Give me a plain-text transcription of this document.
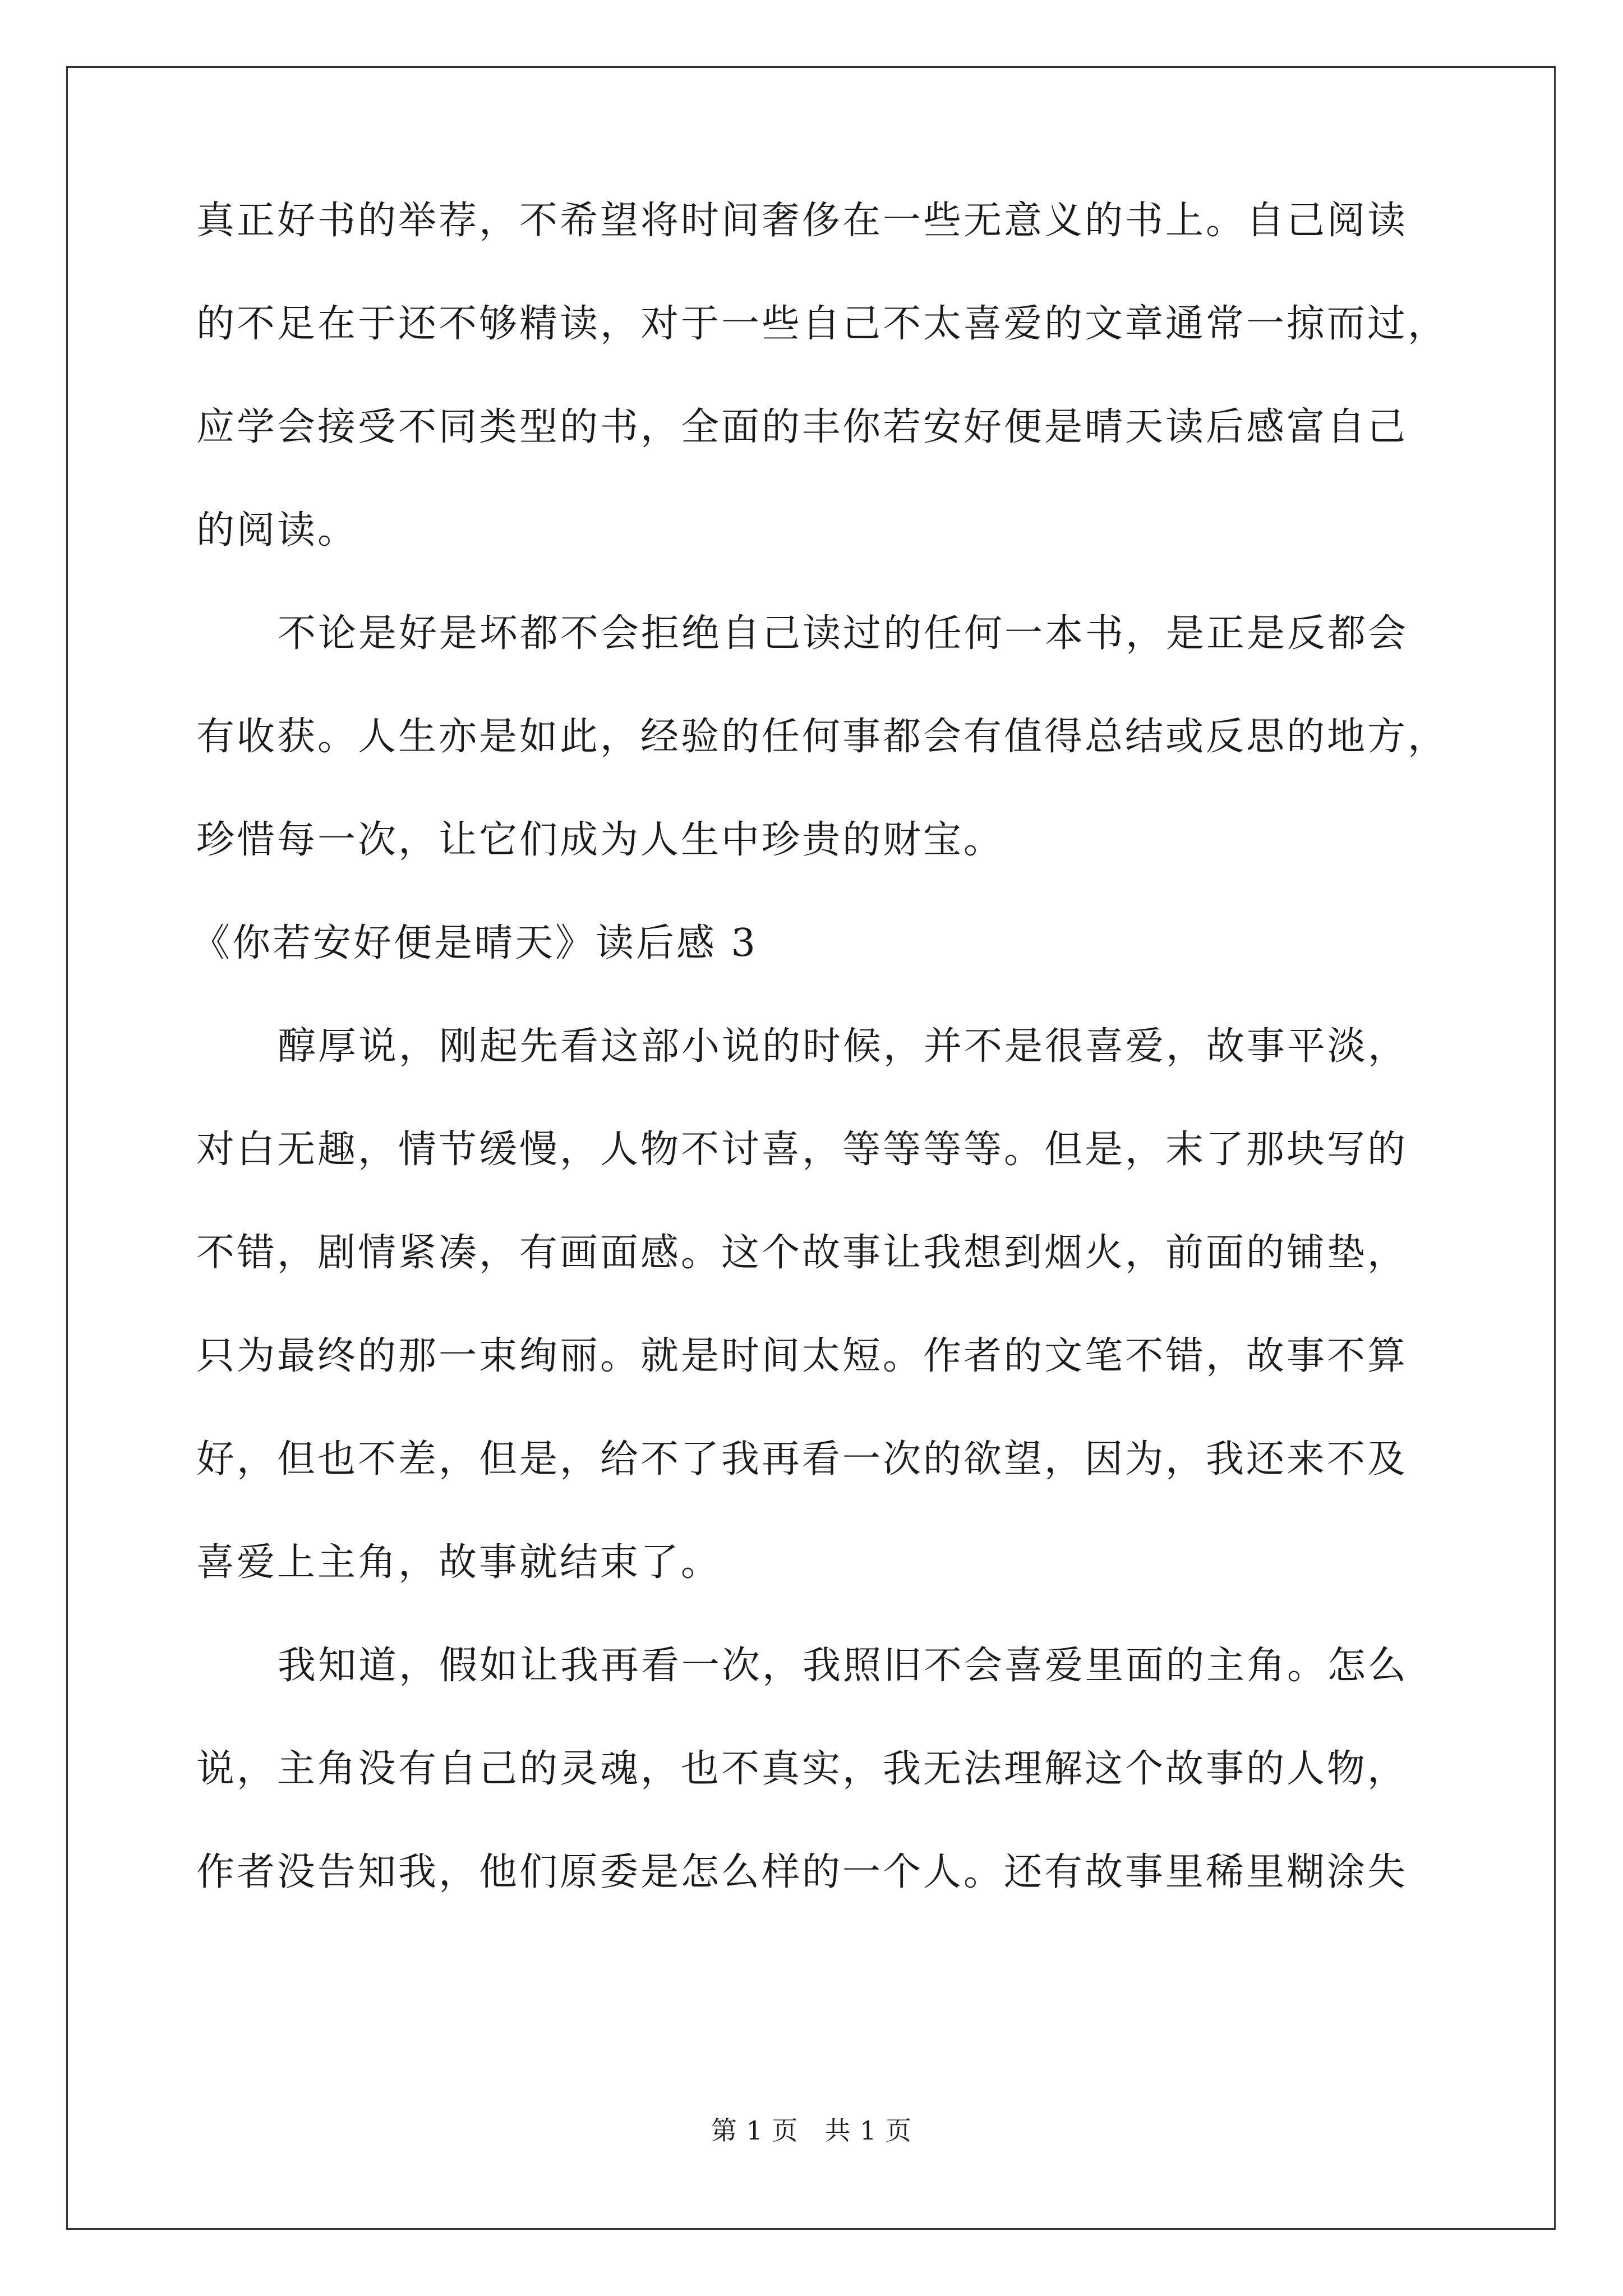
真正好书的举荐，不希望将时间奢侈在一些无意义的书上。自己阅读

的不足在于还不够精读，对于一些自己不太喜爱的文章通常一掠而过，

应学会接受不同类型的书，全面的丰你若安好便是晴天读后感富自己

的阅读。

不论是好是坏都不会拒绝自己读过的任何一本书，是正是反都会

有收获。人生亦是如此，经验的任何事都会有值得总结或反思的地方，

珍惜每一次，让它们成为人生中珍贵的财宝。

《你若安好便是晴天》读后感 3

醇厚说，刚起先看这部小说的时候，并不是很喜爱，故事平淡，

对白无趣，情节缓慢，人物不讨喜，等等等等。但是，末了那块写的

不错，剧情紧凑，有画面感。这个故事让我想到烟火，前面的铺垫，

只为最终的那一束绚丽。就是时间太短。作者的文笔不错，故事不算

好，但也不差，但是，给不了我再看一次的欲望，因为，我还来不及

喜爱上主角，故事就结束了。

我知道，假如让我再看一次，我照旧不会喜爱里面的主角。怎么

说，主角没有自己的灵魂，也不真实，我无法理解这个故事的人物，

作者没告知我，他们原委是怎么样的一个人。还有故事里稀里糊涂失

第 1 页　共 1 页
